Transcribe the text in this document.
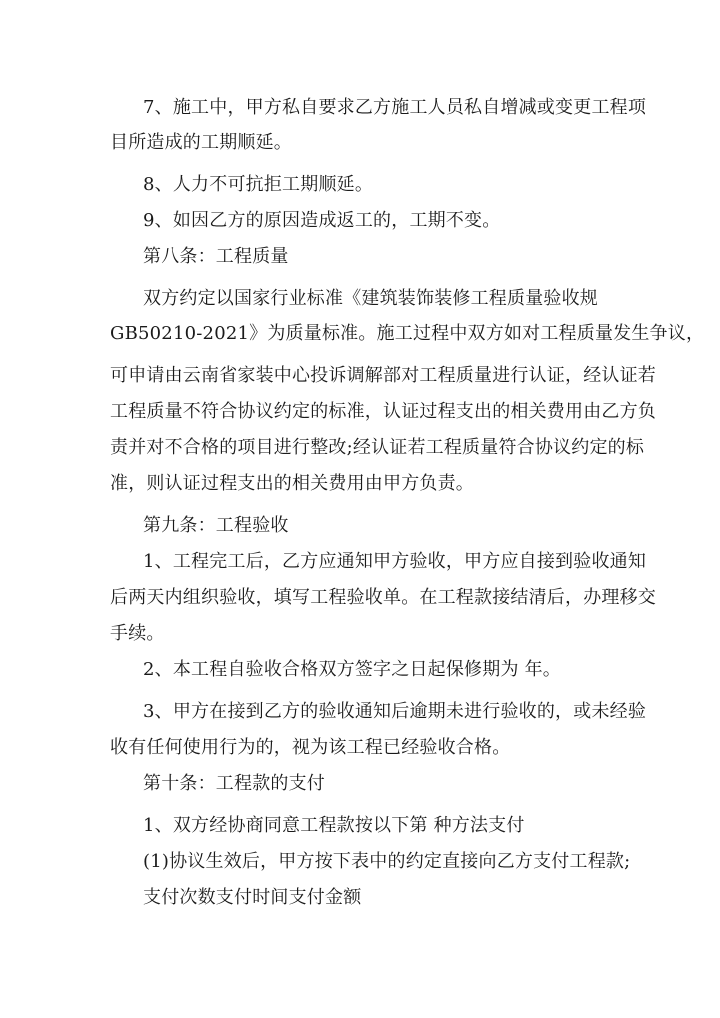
7、施工中，甲方私自要求乙方施工人员私自增减或变更工程项
目所造成的工期顺延。
8、人力不可抗拒工期顺延。
9、如因乙方的原因造成返工的，工期不变。
第八条：工程质量
双方约定以国家行业标准《建筑装饰装修工程质量验收规
GB50210-2021》为质量标准。施工过程中双方如对工程质量发生争议，
可申请由云南省家装中心投诉调解部对工程质量进行认证，经认证若
工程质量不符合协议约定的标准，认证过程支出的相关费用由乙方负
责并对不合格的项目进行整改;经认证若工程质量符合协议约定的标
准，则认证过程支出的相关费用由甲方负责。
第九条：工程验收
1、工程完工后，乙方应通知甲方验收，甲方应自接到验收通知
后两天内组织验收，填写工程验收单。在工程款接结清后，办理移交
手续。
2、本工程自验收合格双方签字之日起保修期为 年。
3、甲方在接到乙方的验收通知后逾期未进行验收的，或未经验
收有任何使用行为的，视为该工程已经验收合格。
第十条：工程款的支付
1、双方经协商同意工程款按以下第 种方法支付
(1)协议生效后，甲方按下表中的约定直接向乙方支付工程款;
支付次数支付时间支付金额
